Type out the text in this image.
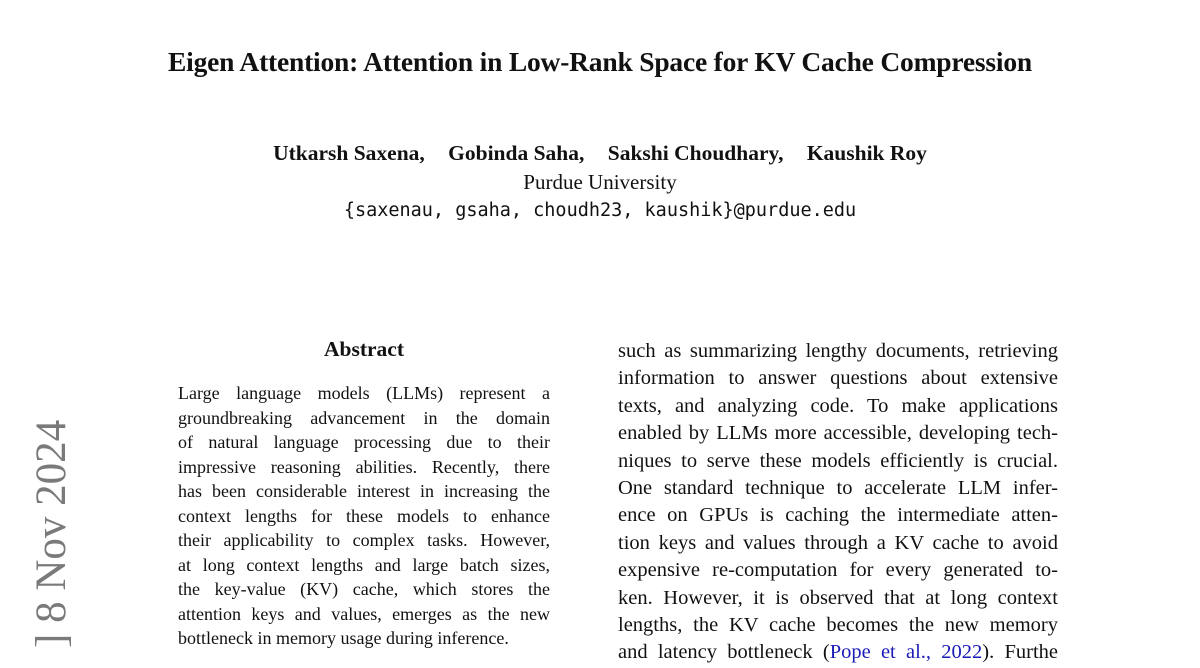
Eigen Attention: Attention in Low-Rank Space for KV Cache Compression
Utkarsh Saxena, Gobinda Saha, Sakshi Choudhary, Kaushik Roy
Purdue University
{saxenau, gsaha, choudh23, kaushik}@purdue.edu
Abstract
Large language models (LLMs) represent a
groundbreaking advancement in the domain
of natural language processing due to their
impressive reasoning abilities. Recently, there
has been considerable interest in increasing the
context lengths for these models to enhance
their applicability to complex tasks. However,
at long context lengths and large batch sizes,
the key-value (KV) cache, which stores the
attention keys and values, emerges as the new
bottleneck in memory usage during inference.
such as summarizing lengthy documents, retrieving
information to answer questions about extensive
texts, and analyzing code. To make applications
enabled by LLMs more accessible, developing tech-
niques to serve these models efficiently is crucial.
One standard technique to accelerate LLM infer-
ence on GPUs is caching the intermediate atten-
tion keys and values through a KV cache to avoid
expensive re-computation for every generated to-
ken. However, it is observed that at long context
lengths, the KV cache becomes the new memory
and latency bottleneck (Pope et al., 2022). Furthe
] 8 Nov 2024
